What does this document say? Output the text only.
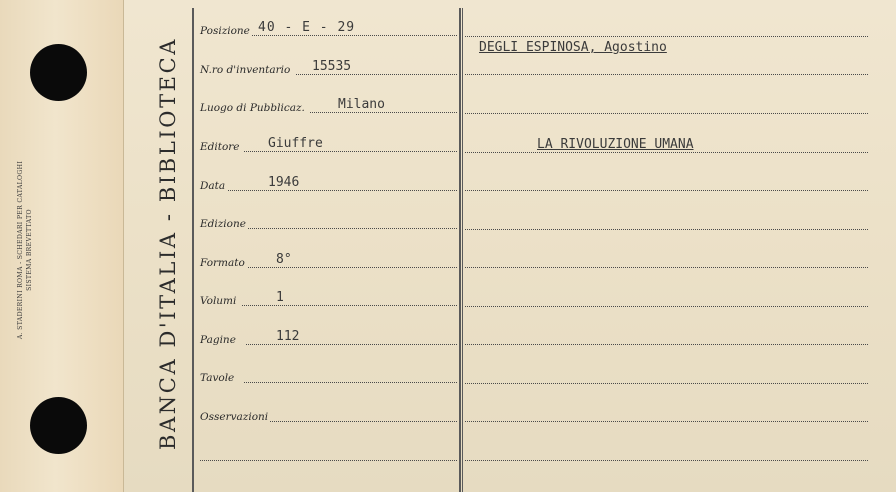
A. STADERINI ROMA - SCHEDARI PER CATALOGHI SISTEMA BREVETTATO	BANCA D'ITALIA - BIBLIOTECA
Posizione 40 - E - 29
N.ro d'inventario 15535
Luogo di Pubblicaz.	Milano
Editore Giuffre
Data	1946
Edizione
Formato 8°
Volumi	1
Pagine	112
Tavole
Osservazioni
DEGLI ESPINOSA, Agostino
LA RIVOLUZIONE UMANA
